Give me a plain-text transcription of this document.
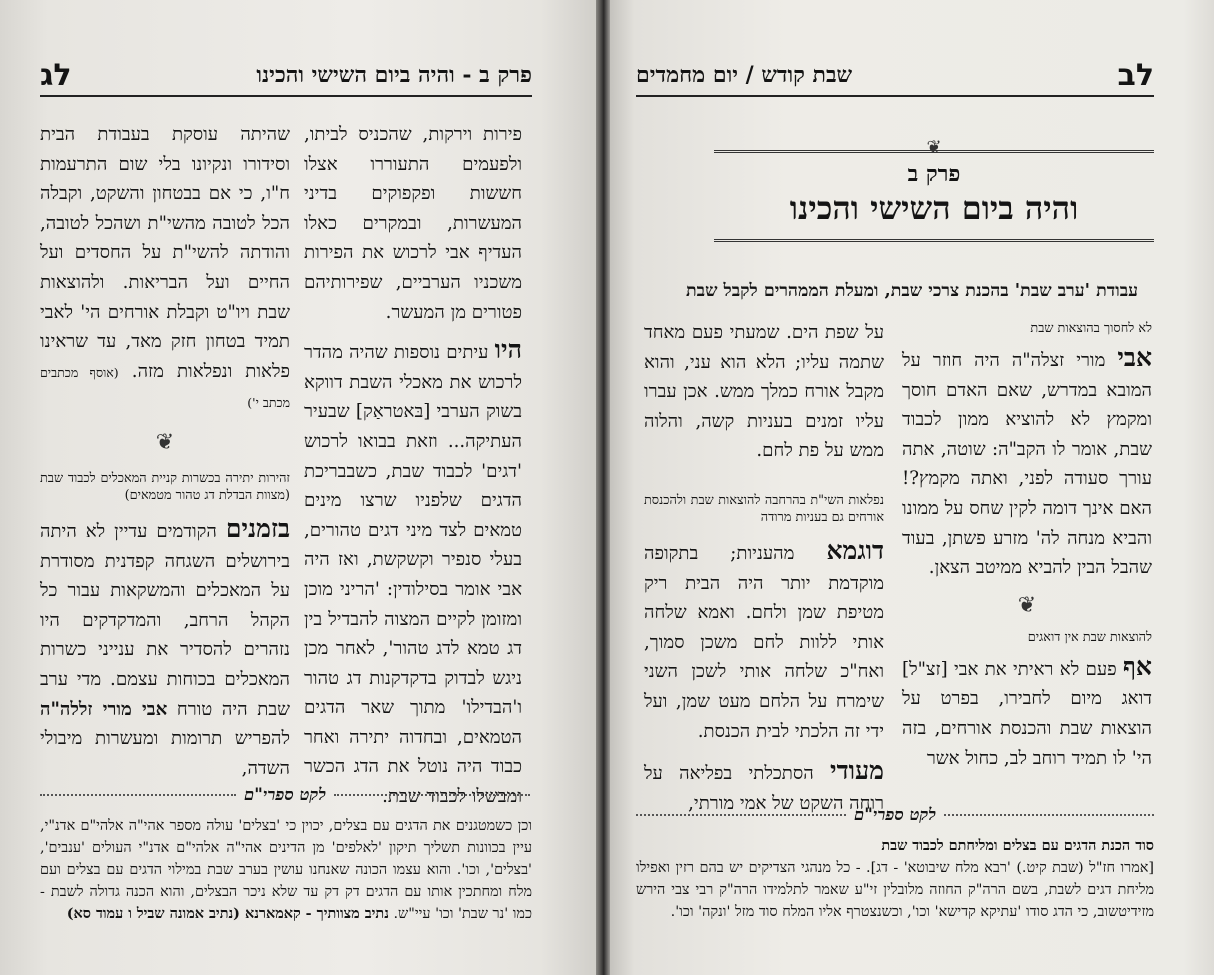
פרק ב - והיה ביום השישי והכינו
לג

שהיתה עוסקת בעבודת הבית וסידורו ונקיונו בלי שום התרעמות ח"ו, כי אם בבטחון והשקט, וקבלה הכל לטובה מהשי"ת ושהכל לטובה, והודתה להשי"ת על החסדים ועל החיים ועל הבריאות. ולהוצאות שבת ויו"ט וקבלת אורחים הי' לאבי תמיד בטחון חזק מאד, עד שראינו פלאות ונפלאות מזה. (אוסף מכתבים מכתב י')

❦

זהירות יתירה בכשרות קניית המאכלים לכבוד שבת (מצוות הבדלת דג טהור מטמאים)

בזמנים הקודמים עדיין לא היתה בירושלים השגחה קפדנית מסודרת על המאכלים והמשקאות עבור כל הקהל הרחב, והמדקדקים היו נזהרים להסדיר את ענייני כשרות המאכלים בכוחות עצמם. מדי ערב שבת היה טורח אבי מורי זללה"ה להפריש תרומות ומעשרות מיבולי השדה,

פירות וירקות, שהכניס לביתו, ולפעמים התעוררו אצלו חששות ופקפוקים בדיני המעשרות, ובמקרים כאלו העדיף אבי לרכוש את הפירות משכניו הערביים, שפירותיהם פטורים מן המעשר.

היו עיתים נוספות שהיה מהדר לרכוש את מאכלי השבת דווקא בשוק הערבי [בּאטראַק] שבעיר העתיקה... וזאת בבואו לרכוש 'דגים' לכבוד שבת, כשבבריכת הדגים שלפניו שרצו מינים טמאים לצד מיני דגים טהורים, בעלי סנפיר וקשקשת, ואז היה אבי אומר בסילודין: 'הריני מוכן ומזומן לקיים המצוה להבדיל בין דג טמא לדג טהור', לאחר מכן ניגש לבדוק בדקדקנות דג טהור ו'הבדילו' מתוך שאר הדגים הטמאים, ובחדוה יתירה ואחר כבוד היה נוטל את הדג הכשר ומבשלו לכבוד שבת.

לקט ספרי"ם
וכן כשמטגנים את הדגים עם בצלים, יכוין כי 'בצלים' עולה מספר אהי"ה אלהי"ם אדנ"י, עיין בכוונות תשליך תיקון 'לאלפים' מן הדינים אהי"ה אלהי"ם אדנ"י העולים 'ענבים', 'בצלים', וכו'. והוא עצמו הכונה שאנחנו עושין בערב שבת במילוי הדגים עם בצלים ועם מלח ומחתכין אותו עם הדגים דק דק עד שלא ניכר הבצלים, והוא הכנה גדולה לשבת - כמו 'נר שבת' וכו' עיי"ש. נתיב מצוותיך - קאמארנא (נתיב אמונה שביל ו עמוד סא)
לב
שבת קודש / יום מחמדים
❦
פרק ב
והיה ביום השישי והכינו
עבודת 'ערב שבת' בהכנת צרכי שבת, ומעלת הממהרים לקבל שבת

לא לחסוך בהוצאות שבת

אבי מורי זצלה"ה היה חוזר על המובא במדרש, שאם האדם חוסך ומקמץ לא להוציא ממון לכבוד שבת, אומר לו הקב"ה: שוטה, אתה עורך סעודה לפני, ואתה מקמץ?! האם אינך דומה לקין שחס על ממונו והביא מנחה לה' מזרע פשתן, בעוד שהבל הבין להביא ממיטב הצאן.

❦

להוצאות שבת אין דואגים

אף פעם לא ראיתי את אבי [זצ"ל] דואג מיום לחבירו, בפרט על הוצאות שבת והכנסת אורחים, בזה הי' לו תמיד רוחב לב, כחול אשר

על שפת הים. שמעתי פעם מאחד שתמה עליו; הלא הוא עני, והוא מקבל אורח כמלך ממש. אכן עברו עליו זמנים בעניות קשה, והלוה ממש על פת לחם.

נפלאות השי"ת בהרחבה להוצאות שבת ולהכנסת אורחים גם בעניות מרודה

דוגמא מהעניות; בתקופה מוקדמת יותר היה הבית ריק מטיפת שמן ולחם. ואמא שלחה אותי ללוות לחם משכן סמוך, ואח"כ שלחה אותי לשכן השני שימרח על הלחם מעט שמן, ועל ידי זה הלכתי לבית הכנסת.

מעודי הסתכלתי בפליאה על רוחה השקט של אמי מורתי,

לקט ספרי"ם
סוד הכנת הדגים עם בצלים ומליחתם לכבוד שבת
[אמרו חז"ל (שבת קיט.) 'רבא מלח שיבוטא' - דג]. - כל מנהגי הצדיקים יש בהם רזין ואפילו מליחת דגים לשבת, בשם הרה"ק החוזה מלובלין זי"ע שאמר לתלמידו הרה"ק רבי צבי הירש מזידיטשוב, כי הדג סודו 'עתיקא קדישא' וכו', וכשנצטרף אליו המלח סוד מזל 'ונקה' וכו'.
